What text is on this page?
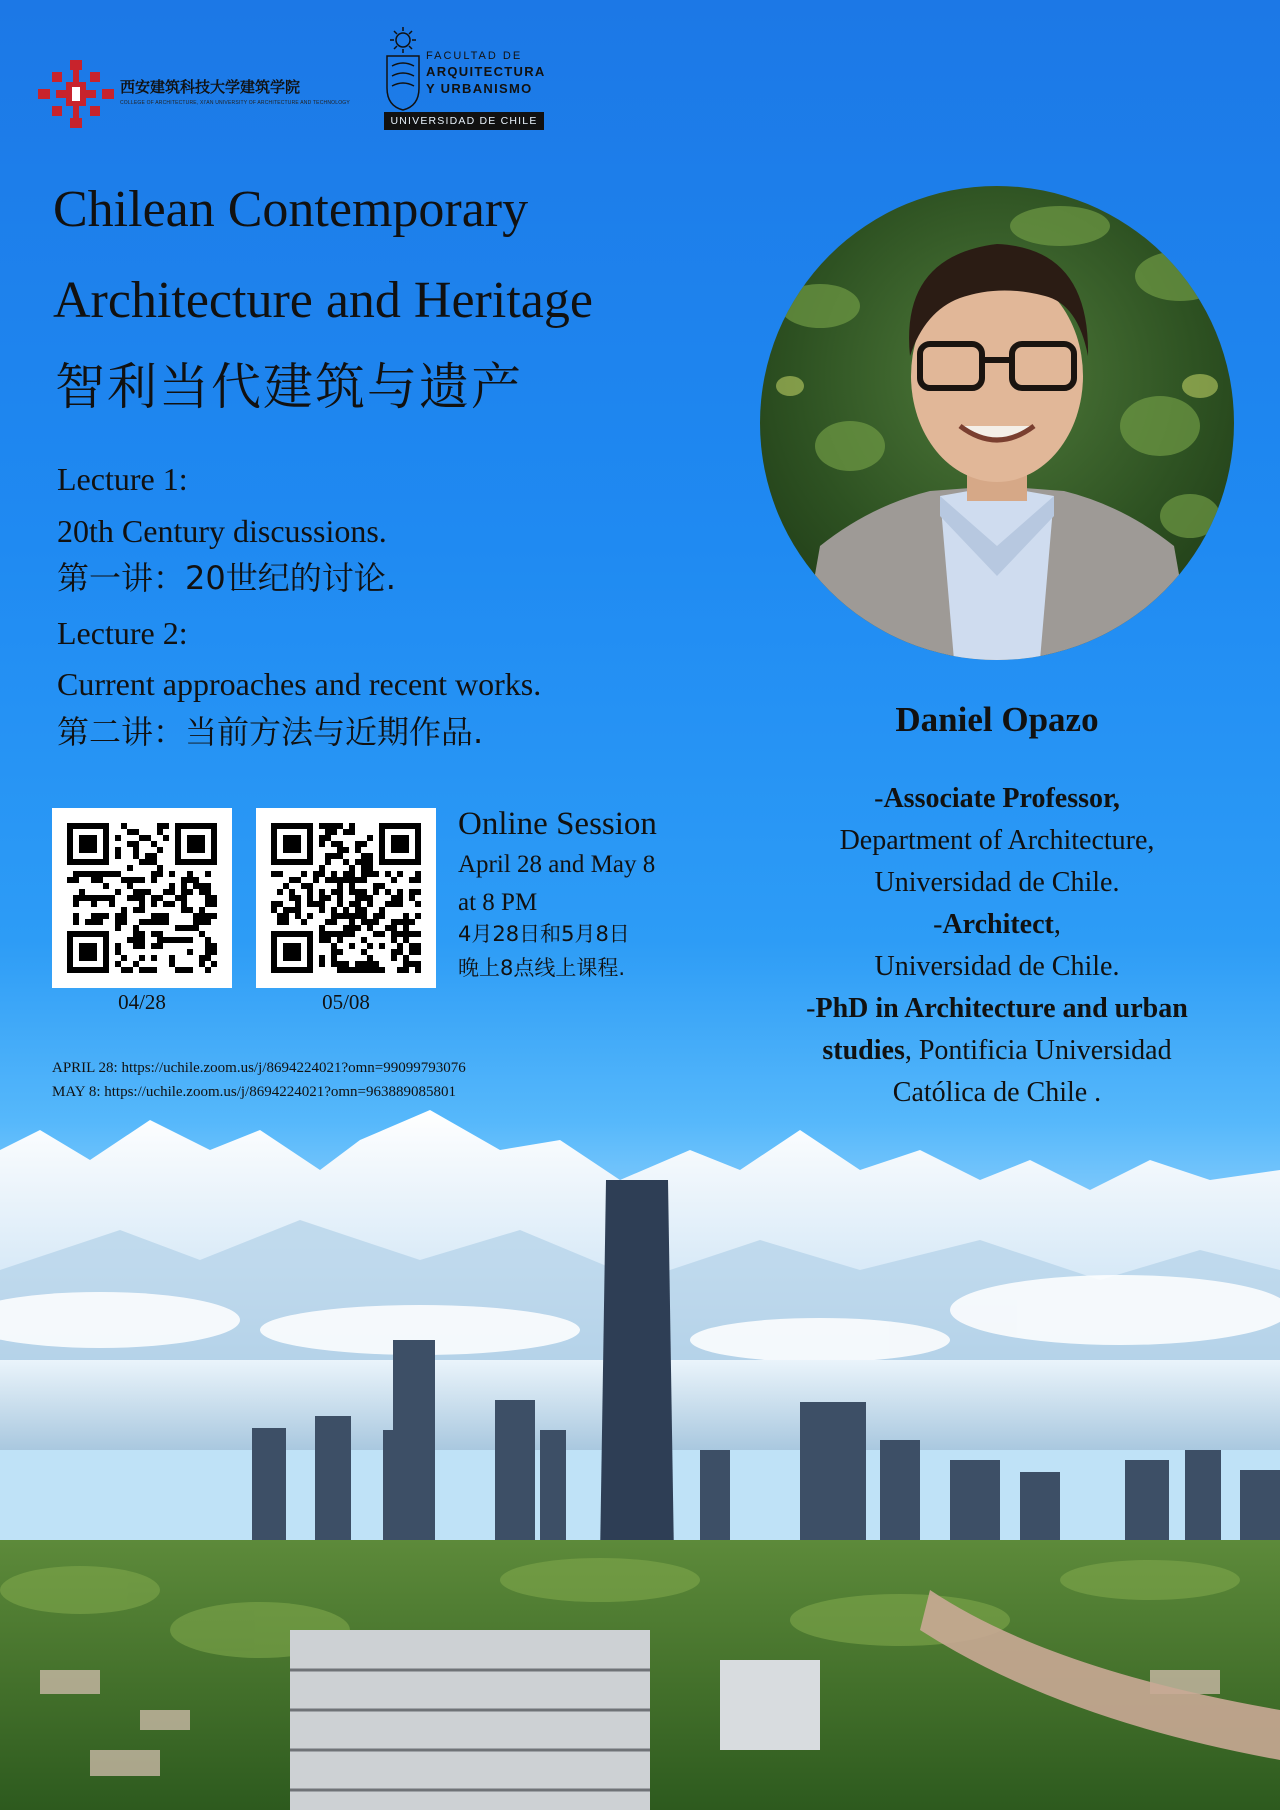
西安建筑科技大学建筑学院
COLLEGE OF ARCHITECTURE, XI'AN UNIVERSITY OF ARCHITECTURE AND TECHNOLOGY
FACULTAD DE
ARQUITECTURA
Y URBANISMO
UNIVERSIDAD DE CHILE
Chilean Contemporary
Architecture and Heritage
智利当代建筑与遗产
Lecture 1:
20th Century discussions.
第一讲：20世纪的讨论.
Lecture 2:
Current approaches and recent works.
第二讲：当前方法与近期作品.	Daniel Opazo
-Associate Professor,
Department of Architecture,
Universidad de Chile.
-Architect,
Universidad de Chile.
-PhD in Architecture and urban
studies, Pontificia Universidad
Católica de Chile .
04/28	05/08
Online Session
April 28 and May 8
at 8 PM
4月28日和5月8日
晚上8点线上课程.
APRIL 28: https://uchile.zoom.us/j/8694224021?omn=99099793076
MAY 8: https://uchile.zoom.us/j/8694224021?omn=963889085801
